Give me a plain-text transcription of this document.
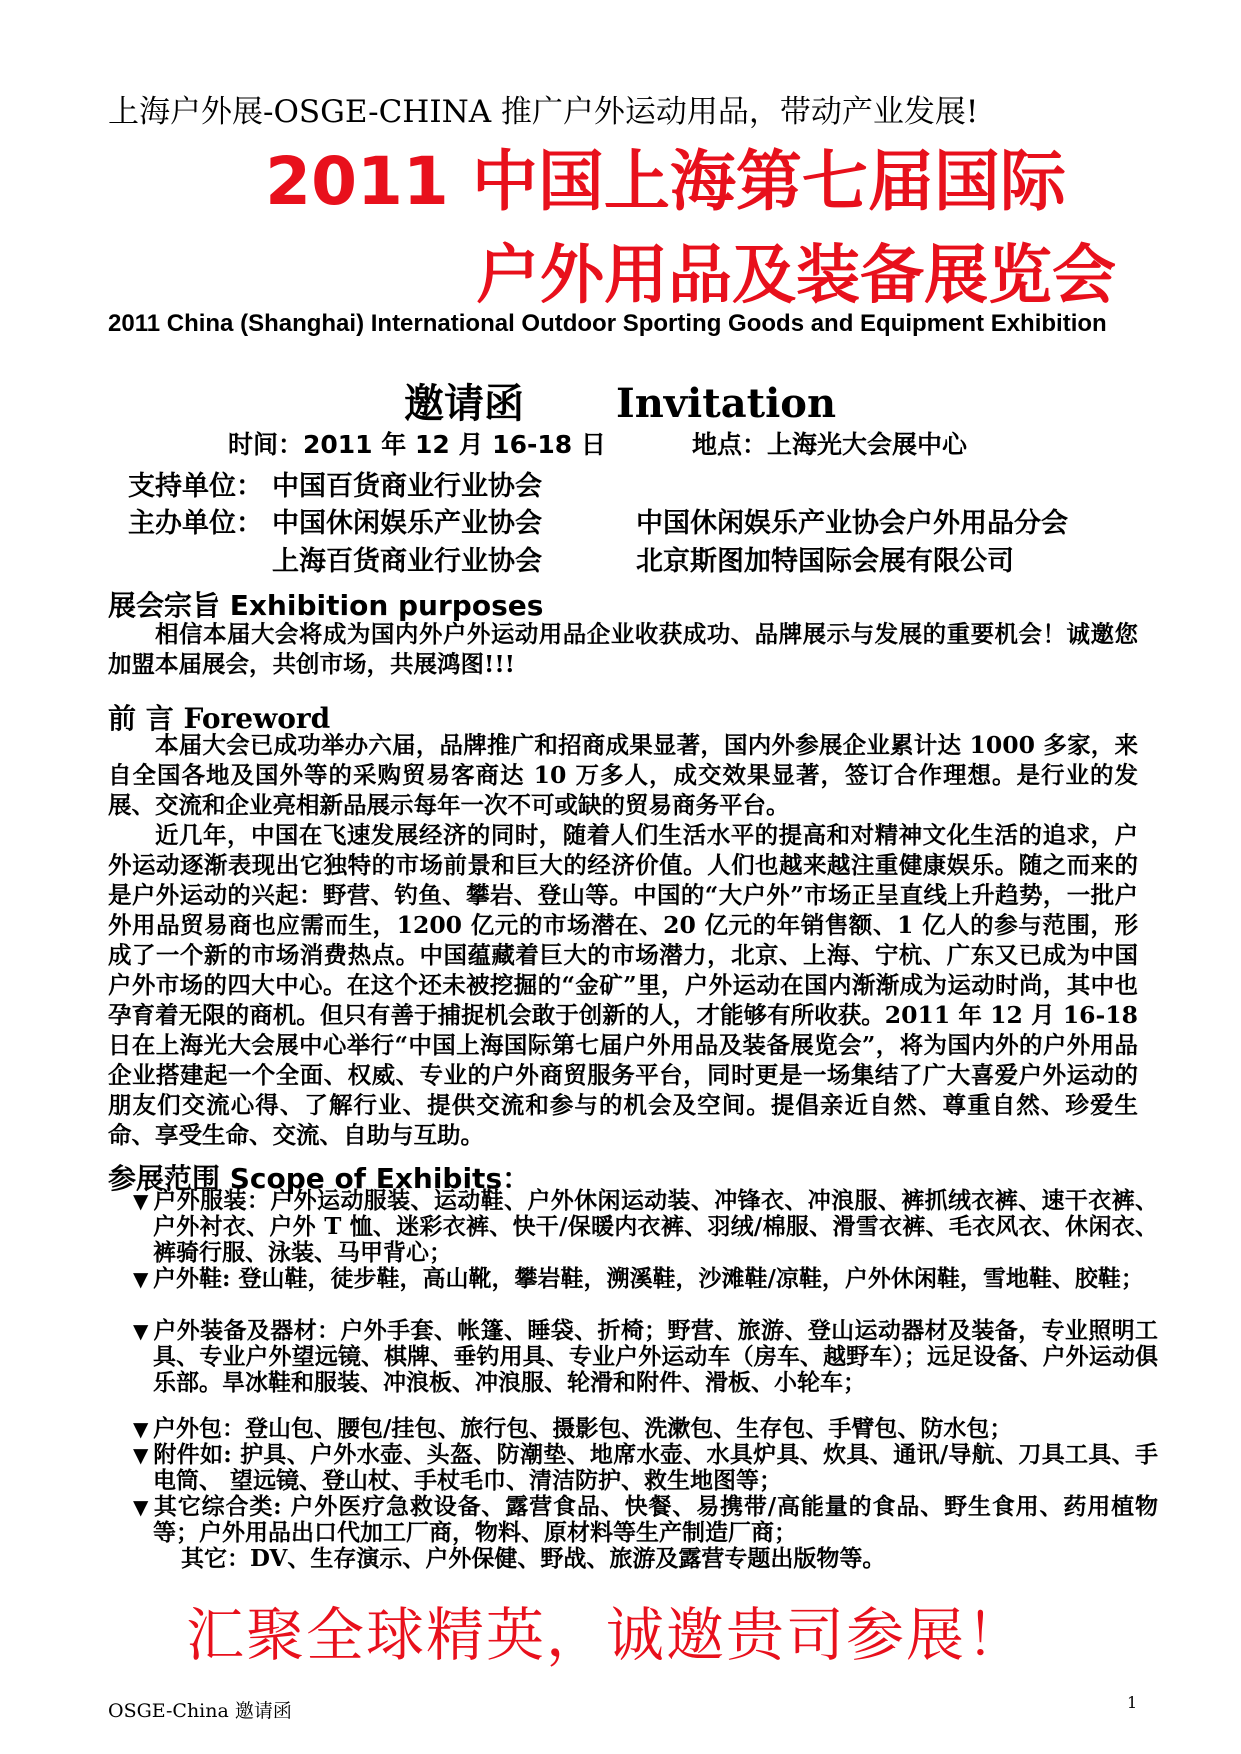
上海户外展-OSGE-CHINA 推广户外运动用品，带动产业发展!
2011 中国上海第七届国际
户外用品及装备展览会
2011 China (Shanghai) International Outdoor Sporting Goods and Equipment Exhibition
邀请函 Invitation
时间：2011 年 12 月 16-18 日	地点：上海光大会展中心
支持单位： 中国百货商业行业协会
主办单位： 中国休闲娱乐产业协会	中国休闲娱乐产业协会户外用品分会
上海百货商业行业协会	北京斯图加特国际会展有限公司
展会宗旨 Exhibition purposes

相信本届大会将成为国内外户外运动用品企业收获成功、品牌展示与发展的重要机会！诚邀您加盟本届展会，共创市场，共展鸿图!!!

前 言 Foreword

本届大会已成功举办六届，品牌推广和招商成果显著，国内外参展企业累计达 1000 多家，来自全国各地及国外等的采购贸易客商达 10 万多人，成交效果显著，签订合作理想。是行业的发展、交流和企业亮相新品展示每年一次不可或缺的贸易商务平台。

近几年，中国在飞速发展经济的同时，随着人们生活水平的提高和对精神文化生活的追求，户外运动逐渐表现出它独特的市场前景和巨大的经济价值。人们也越来越注重健康娱乐。随之而来的是户外运动的兴起：野营、钓鱼、攀岩、登山等。中国的“大户外”市场正呈直线上升趋势，一批户外用品贸易商也应需而生，1200 亿元的市场潜在、20 亿元的年销售额、1 亿人的参与范围，形成了一个新的市场消费热点。中国蕴藏着巨大的市场潜力，北京、上海、宁杭、广东又已成为中国户外市场的四大中心。在这个还未被挖掘的“金矿”里，户外运动在国内渐渐成为运动时尚，其中也孕育着无限的商机。但只有善于捕捉机会敢于创新的人，才能够有所收获。2011 年 12 月 16-18 日在上海光大会展中心举行“中国上海国际第七届户外用品及装备展览会”，将为国内外的户外用品企业搭建起一个全面、权威、专业的户外商贸服务平台，同时更是一场集结了广大喜爱户外运动的朋友们交流心得、了解行业、提供交流和参与的机会及空间。提倡亲近自然、尊重自然、珍爱生命、享受生命、交流、自助与互助。

参展范围 Scope of Exhibits：
▼ 户外服装：户外运动服装、运动鞋、户外休闲运动装、冲锋衣、冲浪服、裤抓绒衣裤、速干衣裤、户外衬衣、户外 T 恤、迷彩衣裤、快干/保暖内衣裤、羽绒/棉服、滑雪衣裤、毛衣风衣、休闲衣、裤骑行服、泳装、马甲背心；
▼ 户外鞋: 登山鞋，徒步鞋，高山靴，攀岩鞋，溯溪鞋，沙滩鞋/凉鞋，户外休闲鞋，雪地鞋、胶鞋；
▼ 户外装备及器材：户外手套、帐篷、睡袋、折椅；野营、旅游、登山运动器材及装备，专业照明工具、专业户外望远镜、棋牌、垂钓用具、专业户外运动车（房车、越野车）；远足设备、户外运动俱乐部。旱冰鞋和服装、冲浪板、冲浪服、轮滑和附件、滑板、小轮车；
▼ 户外包：登山包、腰包/挂包、旅行包、摄影包、洗漱包、生存包、手臂包、防水包；
▼ 附件如: 护具、户外水壶、头盔、防潮垫、地席水壶、水具炉具、炊具、通讯/导航、刀具工具、手电筒、 望远镜、登山杖、手杖毛巾、清洁防护、救生地图等；
▼ 其它综合类: 户外医疗急救设备、露营食品、快餐、易携带/高能量的食品、野生食用、药用植物等；户外用品出口代加工厂商，物料、原材料等生产制造厂商；
其它：DV、生存演示、户外保健、野战、旅游及露营专题出版物等。
汇聚全球精英，诚邀贵司参展！
OSGE-China 邀请函	1
